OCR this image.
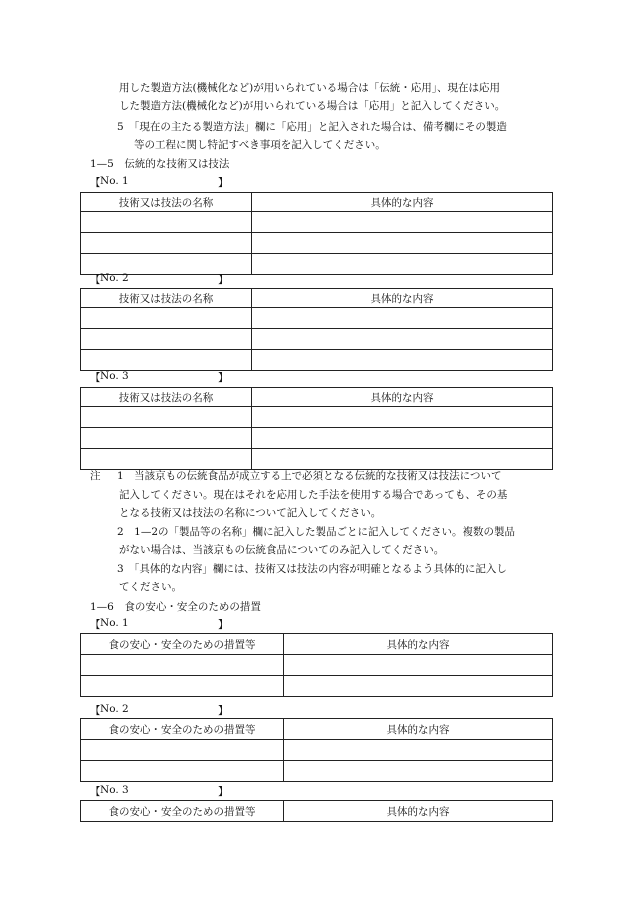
用した製造方法(機械化など)が用いられている場合は「伝統・応用」、現在は応用
した製造方法(機械化など)が用いられている場合は「応用」と記入してください。
5　「現在の主たる製造方法」欄に「応用」と記入された場合は、備考欄にその製造
等の工程に関し特記すべき事項を記入してください。
1—5　伝統的な技術又は技法
【 No. 1	】
技術又は技法の名称	具体的な内容

【 No. 2	】
技術又は技法の名称	具体的な内容

【 No. 3	】
技術又は技法の名称	具体的な内容

注 1　当該京もの伝統食品が成立する上で必須となる伝統的な技術又は技法について
記入してください。現在はそれを応用した手法を使用する場合であっても、その基
となる技術又は技法の名称について記入してください。
2　1—2の「製品等の名称」欄に記入した製品ごとに記入してください。複数の製品
がない場合は、当該京もの伝統食品についてのみ記入してください。
3　「具体的な内容」欄には、技術又は技法の内容が明確となるよう具体的に記入し
てください。
1—6　食の安心・安全のための措置
【 No. 1	】
食の安心・安全のための措置等	具体的な内容

【 No. 2	】
食の安心・安全のための措置等	具体的な内容

【 No. 3	】
食の安心・安全のための措置等	具体的な内容
